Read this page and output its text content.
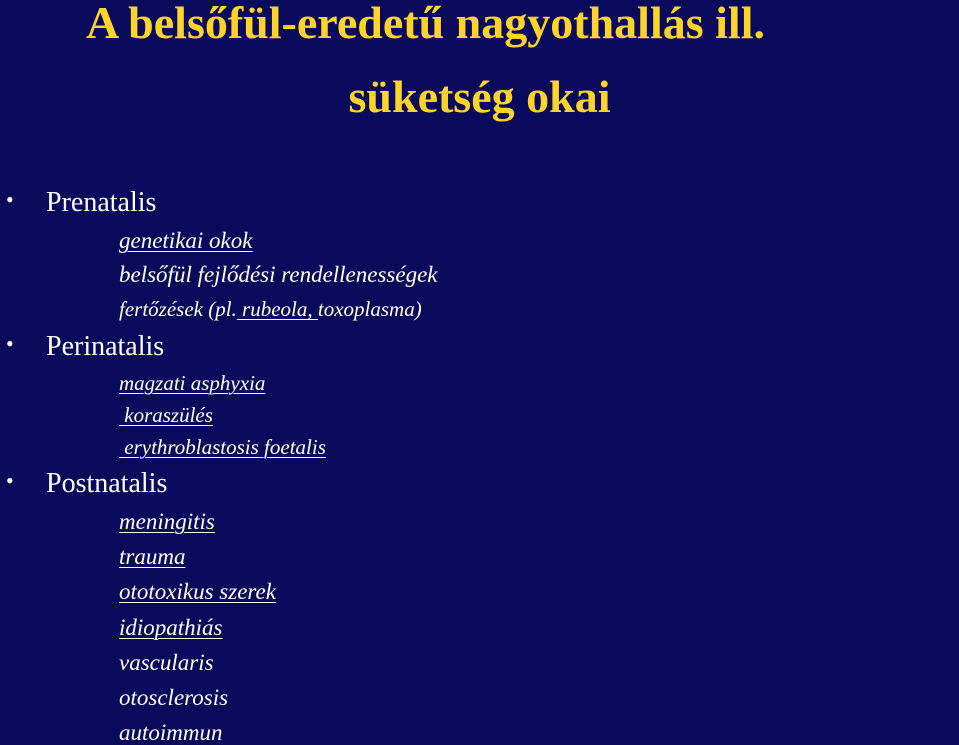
A belsőfül-eredetű nagyothallás ill.
süketség okai
• Prenatalis
genetikai okok
belsőfül fejlődési rendellenességek
fertőzések (pl. rubeola, toxoplasma)
• Perinatalis
magzati asphyxia
koraszülés
erythroblastosis foetalis
• Postnatalis
meningitis
trauma
ototoxikus szerek
idiopathiás
vascularis
otosclerosis
autoimmun
